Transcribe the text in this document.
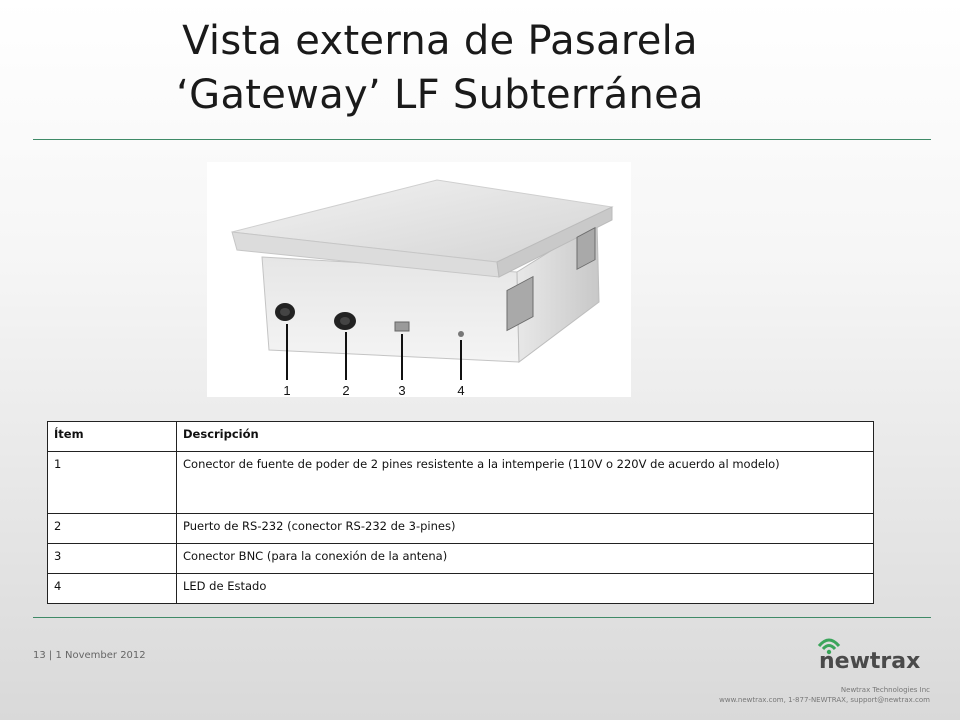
Vista externa de Pasarela
‘Gateway’ LF Subterránea
1	2	3	4
Ítem	Descripción
1	Conector de fuente de poder de 2 pines resistente a la intemperie (110V o 220V de acuerdo al modelo)
2	Puerto de RS-232 (conector RS-232 de 3-pines)
3	Conector BNC (para la conexión de la antena)
4	LED de Estado
13 | 1 November 2012	newtrax
Newtrax Technologies Inc
www.newtrax.com, 1-877-NEWTRAX, support@newtrax.com
